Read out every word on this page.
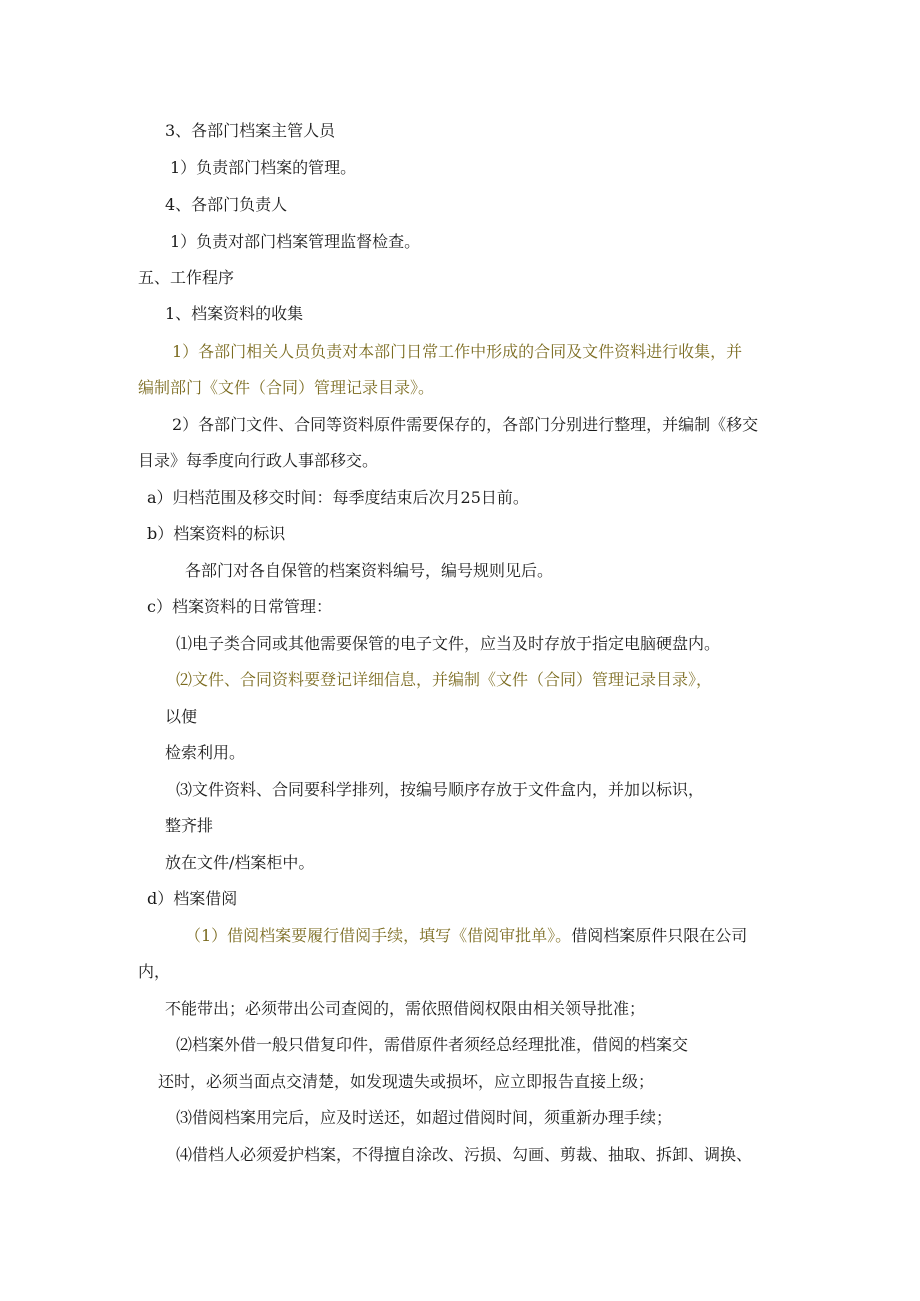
3、各部门档案主管人员

1）负责部门档案的管理。

4、各部门负责人

1）负责对部门档案管理监督检查。

五、工作程序

1、档案资料的收集

1）各部门相关人员负责对本部门日常工作中形成的合同及文件资料进行收集，并

编制部门《文件（合同）管理记录目录》。

2）各部门文件、合同等资料原件需要保存的，各部门分别进行整理，并编制《移交

目录》每季度向行政人事部移交。

a）归档范围及移交时间：每季度结束后次月25日前。

b）档案资料的标识

各部门对各自保管的档案资料编号，编号规则见后。

c）档案资料的日常管理：

⑴电子类合同或其他需要保管的电子文件，应当及时存放于指定电脑硬盘内。

⑵文件、合同资料要登记详细信息，并编制《文件（合同）管理记录目录》，

以便

检索利用。

⑶文件资料、合同要科学排列，按编号顺序存放于文件盒内，并加以标识，

整齐排

放在文件/档案柜中。

d）档案借阅

（1）借阅档案要履行借阅手续，填写《借阅审批单》。借阅档案原件只限在公司

内，

不能带出；必须带出公司查阅的，需依照借阅权限由相关领导批准；

⑵档案外借一般只借复印件，需借原件者须经总经理批准，借阅的档案交

还时，必须当面点交清楚，如发现遗失或损坏，应立即报告直接上级；

⑶借阅档案用完后，应及时送还，如超过借阅时间，须重新办理手续；

⑷借档人必须爱护档案，不得擅自涂改、污损、勾画、剪裁、抽取、拆卸、调换、
